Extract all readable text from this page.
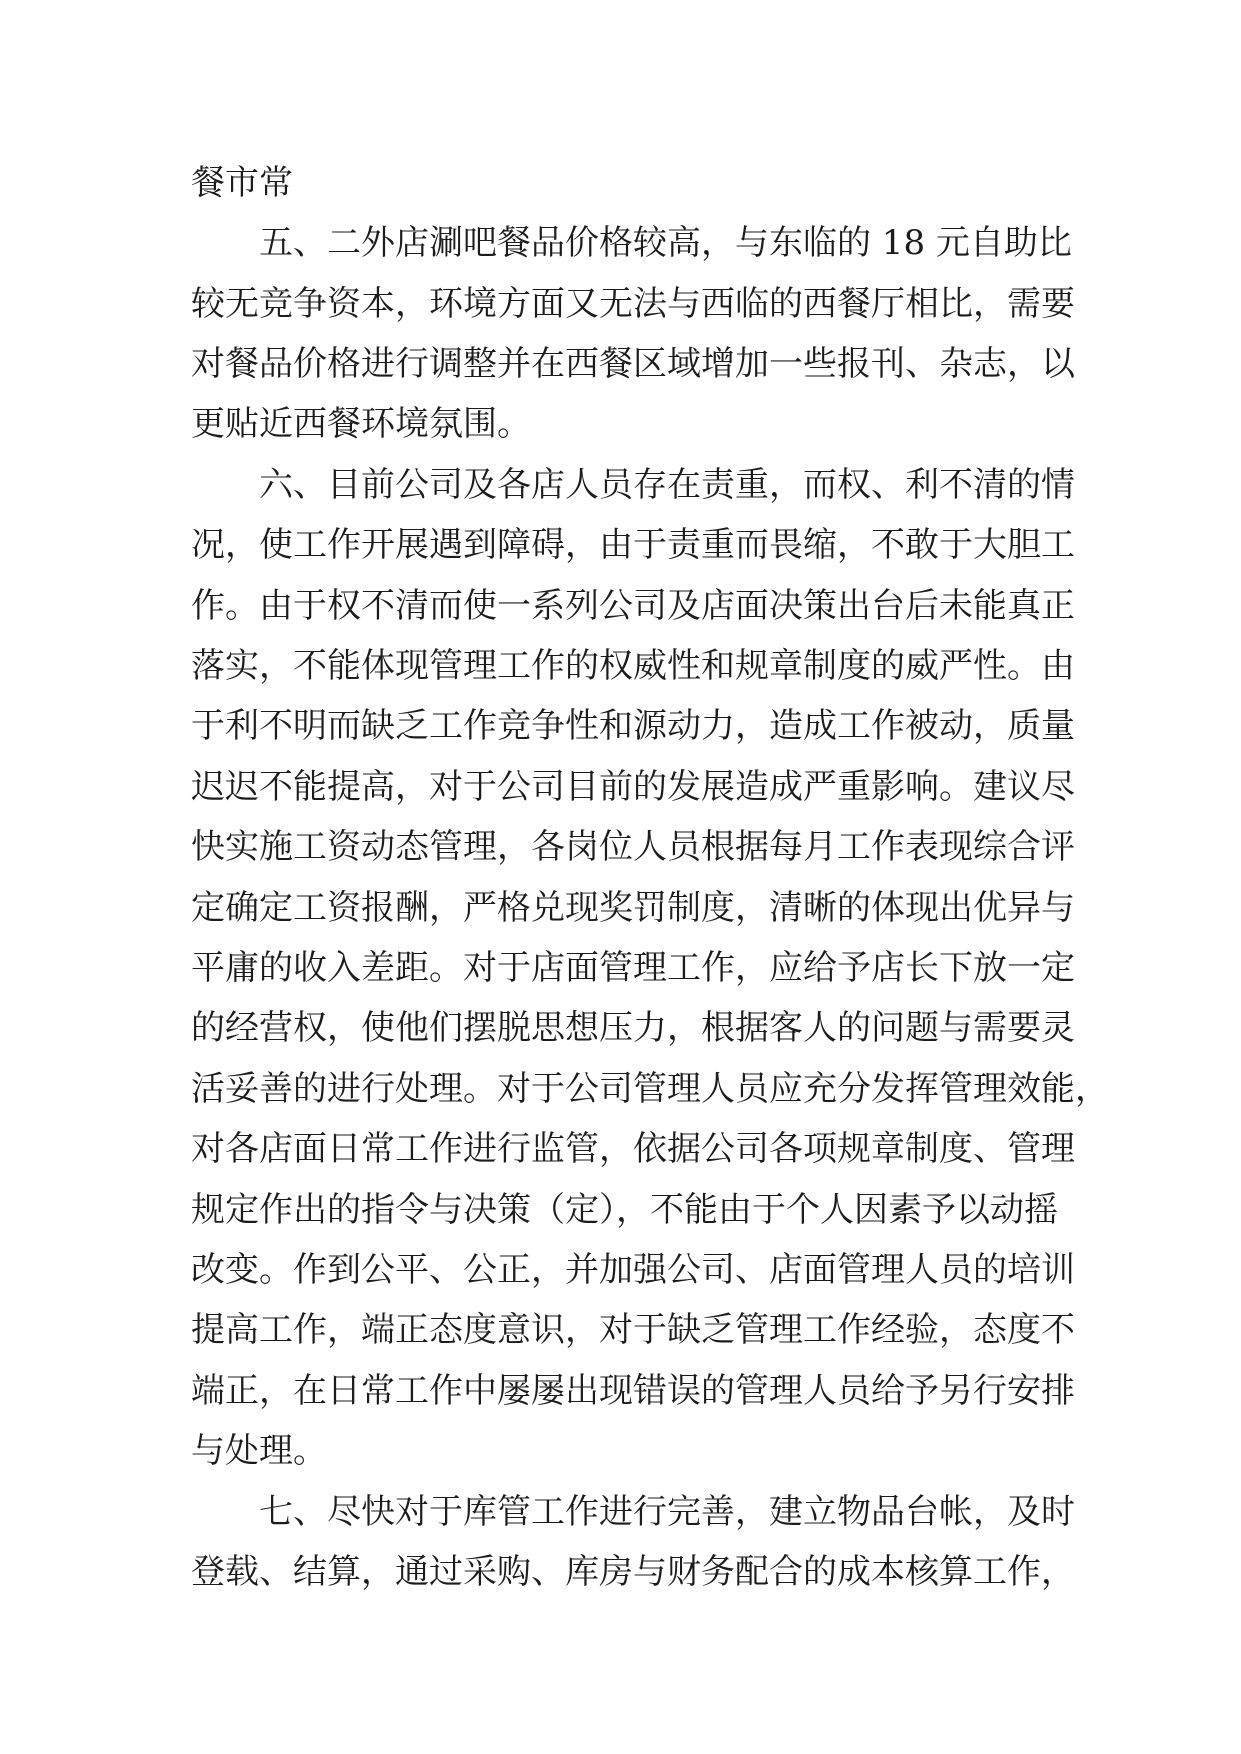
餐市常
五、二外店涮吧餐品价格较高，与东临的 18 元自助比
较无竞争资本，环境方面又无法与西临的西餐厅相比，需要
对餐品价格进行调整并在西餐区域增加一些报刊、杂志，以
更贴近西餐环境氛围。
六、目前公司及各店人员存在责重，而权、利不清的情
况，使工作开展遇到障碍，由于责重而畏缩，不敢于大胆工
作。由于权不清而使一系列公司及店面决策出台后未能真正
落实，不能体现管理工作的权威性和规章制度的威严性。由
于利不明而缺乏工作竞争性和源动力，造成工作被动，质量
迟迟不能提高，对于公司目前的发展造成严重影响。建议尽
快实施工资动态管理，各岗位人员根据每月工作表现综合评
定确定工资报酬，严格兑现奖罚制度，清晰的体现出优异与
平庸的收入差距。对于店面管理工作，应给予店长下放一定
的经营权，使他们摆脱思想压力，根据客人的问题与需要灵
活妥善的进行处理。对于公司管理人员应充分发挥管理效能，
对各店面日常工作进行监管，依据公司各项规章制度、管理
规定作出的指令与决策（定），不能由于个人因素予以动摇
改变。作到公平、公正，并加强公司、店面管理人员的培训
提高工作，端正态度意识，对于缺乏管理工作经验，态度不
端正，在日常工作中屡屡出现错误的管理人员给予另行安排
与处理。
七、尽快对于库管工作进行完善，建立物品台帐，及时
登载、结算，通过采购、库房与财务配合的成本核算工作，
